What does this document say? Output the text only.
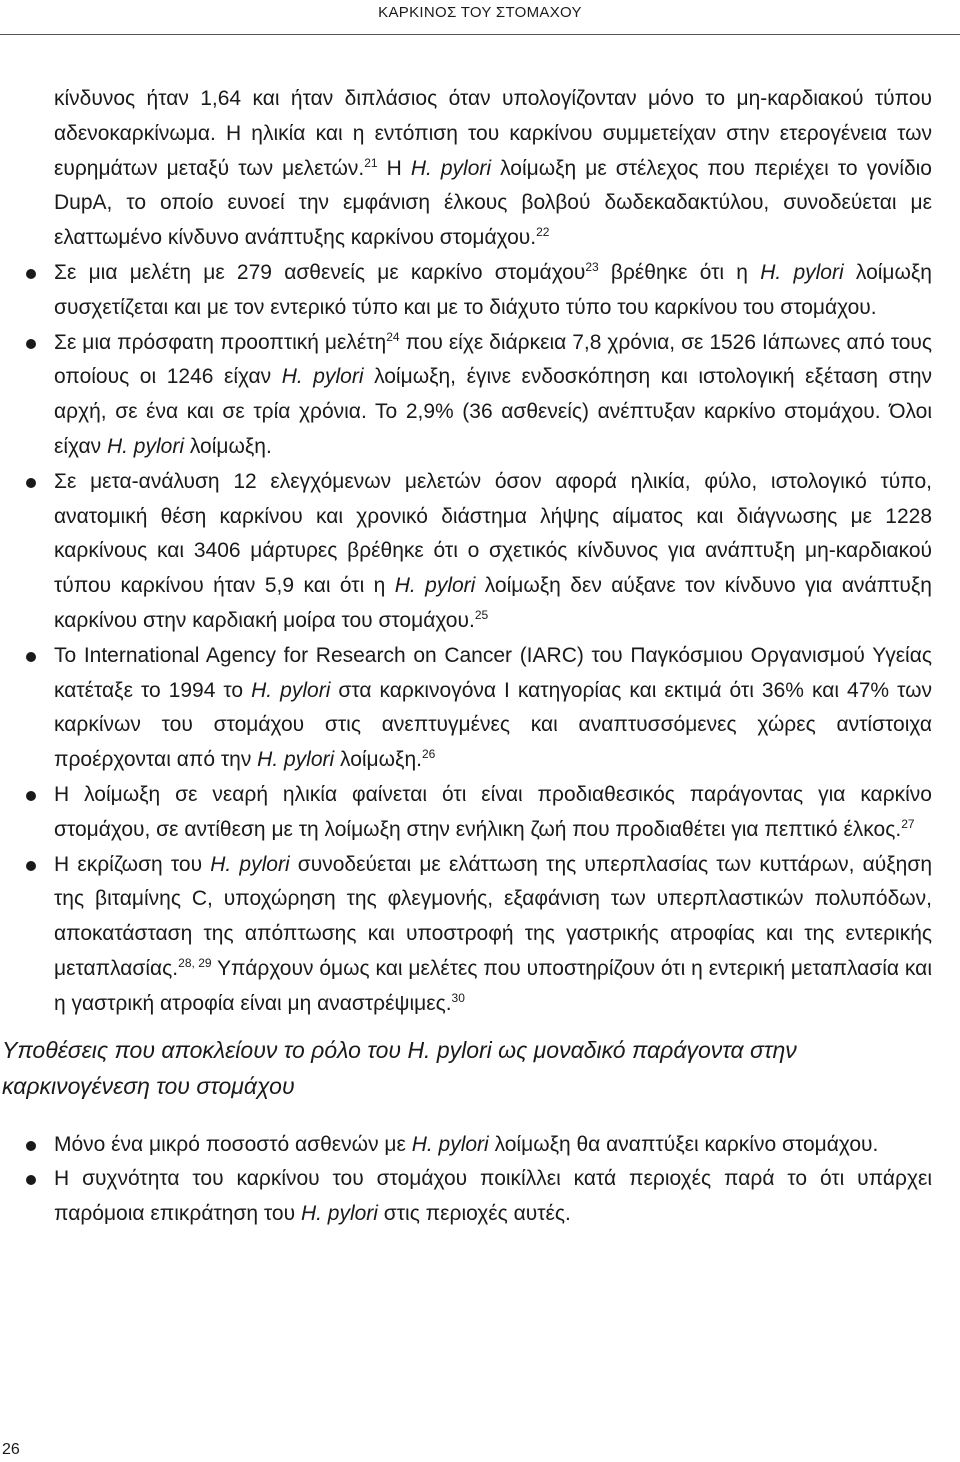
ΚΑΡΚΙΝΟΣ ΤΟΥ ΣΤΟΜΑΧΟΥ
κίνδυνος ήταν 1,64 και ήταν διπλάσιος όταν υπολογίζονταν μόνο το μη-καρδιακού τύπου αδενοκαρκίνωμα. Η ηλικία και η εντόπιση του καρκίνου συμμετείχαν στην ετερογένεια των ευρημάτων μεταξύ των μελετών.$^{21}$ Η H. pylori λοίμωξη με στέλεχος που περιέχει το γονίδιο DupA, το οποίο ευνοεί την εμφάνιση έλκους βολβού δωδεκαδακτύλου, συνοδεύεται με ελαττωμένο κίνδυνο ανάπτυξης καρκίνου στομάχου.$^{22}$
Σε μια μελέτη με 279 ασθενείς με καρκίνο στομάχου$^{23}$ βρέθηκε ότι η H. pylori λοίμωξη συσχετίζεται και με τον εντερικό τύπο και με το διάχυτο τύπο του καρκίνου του στομάχου.
Σε μια πρόσφατη προοπτική μελέτη$^{24}$ που είχε διάρκεια 7,8 χρόνια, σε 1526 Ιάπωνες από τους οποίους οι 1246 είχαν H. pylori λοίμωξη, έγινε ενδοσκόπηση και ιστολογική εξέταση στην αρχή, σε ένα και σε τρία χρόνια. Το 2,9% (36 ασθενείς) ανέπτυξαν καρκίνο στομάχου. Όλοι είχαν H. pylori λοίμωξη.
Σε μετα-ανάλυση 12 ελεγχόμενων μελετών όσον αφορά ηλικία, φύλο, ιστολογικό τύπο, ανατομική θέση καρκίνου και χρονικό διάστημα λήψης αίματος και διάγνωσης με 1228 καρκίνους και 3406 μάρτυρες βρέθηκε ότι ο σχετικός κίνδυνος για ανάπτυξη μη-καρδιακού τύπου καρκίνου ήταν 5,9 και ότι η H. pylori λοίμωξη δεν αύξανε τον κίνδυνο για ανάπτυξη καρκίνου στην καρδιακή μοίρα του στομάχου.$^{25}$
To International Agency for Research on Cancer (IARC) του Παγκόσμιου Οργανισμού Υγείας κατέταξε το 1994 το H. pylori στα καρκινογόνα Ι κατηγορίας και εκτιμά ότι 36% και 47% των καρκίνων του στομάχου στις ανεπτυγμένες και αναπτυσσόμενες χώρες αντίστοιχα προέρχονται από την H. pylori λοίμωξη.$^{26}$
Η λοίμωξη σε νεαρή ηλικία φαίνεται ότι είναι προδιαθεσικός παράγοντας για καρκίνο στομάχου, σε αντίθεση με τη λοίμωξη στην ενήλικη ζωή που προδιαθέτει για πεπτικό έλκος.$^{27}$
Η εκρίζωση του H. pylori συνοδεύεται με ελάττωση της υπερπλασίας των κυττάρων, αύξηση της βιταμίνης C, υποχώρηση της φλεγμονής, εξαφάνιση των υπερπλαστικών πολυπόδων, αποκατάσταση της απόπτωσης και υποστροφή της γαστρικής ατροφίας και της εντερικής μεταπλασίας.$^{28, 29}$ Υπάρχουν όμως και μελέτες που υποστηρίζουν ότι η εντερική μεταπλασία και η γαστρική ατροφία είναι μη αναστρέψιμες.$^{30}$
Υποθέσεις που αποκλείουν το ρόλο του H. pylori ως μοναδικό παράγοντα στην καρκινογένεση του στομάχου
Μόνο ένα μικρό ποσοστό ασθενών με H. pylori λοίμωξη θα αναπτύξει καρκίνο στομάχου.
Η συχνότητα του καρκίνου του στομάχου ποικίλλει κατά περιοχές παρά το ότι υπάρχει παρόμοια επικράτηση του H. pylori στις περιοχές αυτές.
26
